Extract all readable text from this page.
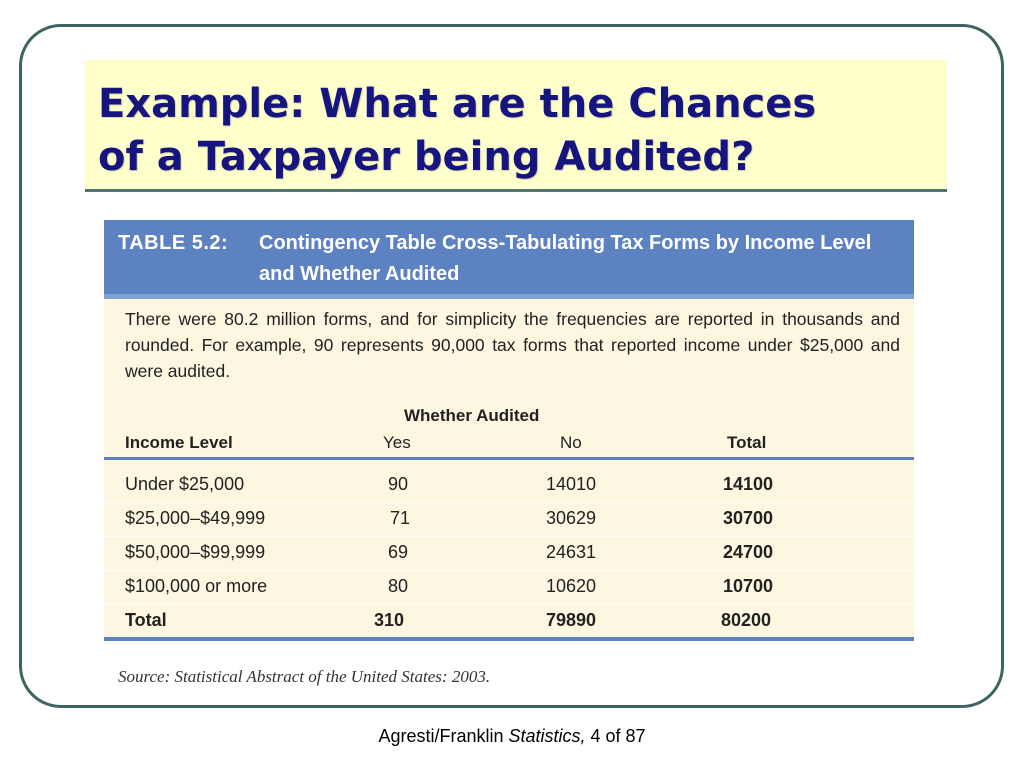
Example: What are the Chances
of a Taxpayer being Audited?
TABLE 5.2: Contingency Table Cross-Tabulating Tax Forms by Income Level and Whether Audited

There were 80.2 million forms, and for simplicity the frequencies are reported in thousands and rounded. For example, 90 represents 90,000 tax forms that reported income under $25,000 and were audited.

Whether Audited
Income Level	Yes	No	Total
Under $25,000	90	14010	14100
$25,000–$49,999	71	30629	30700
$50,000–$99,999	69	24631	24700
$100,000 or more	80	10620	10700
Total	310	79890	80200
Source: Statistical Abstract of the United States: 2003.
Agresti/Franklin Statistics, 4 of 87
